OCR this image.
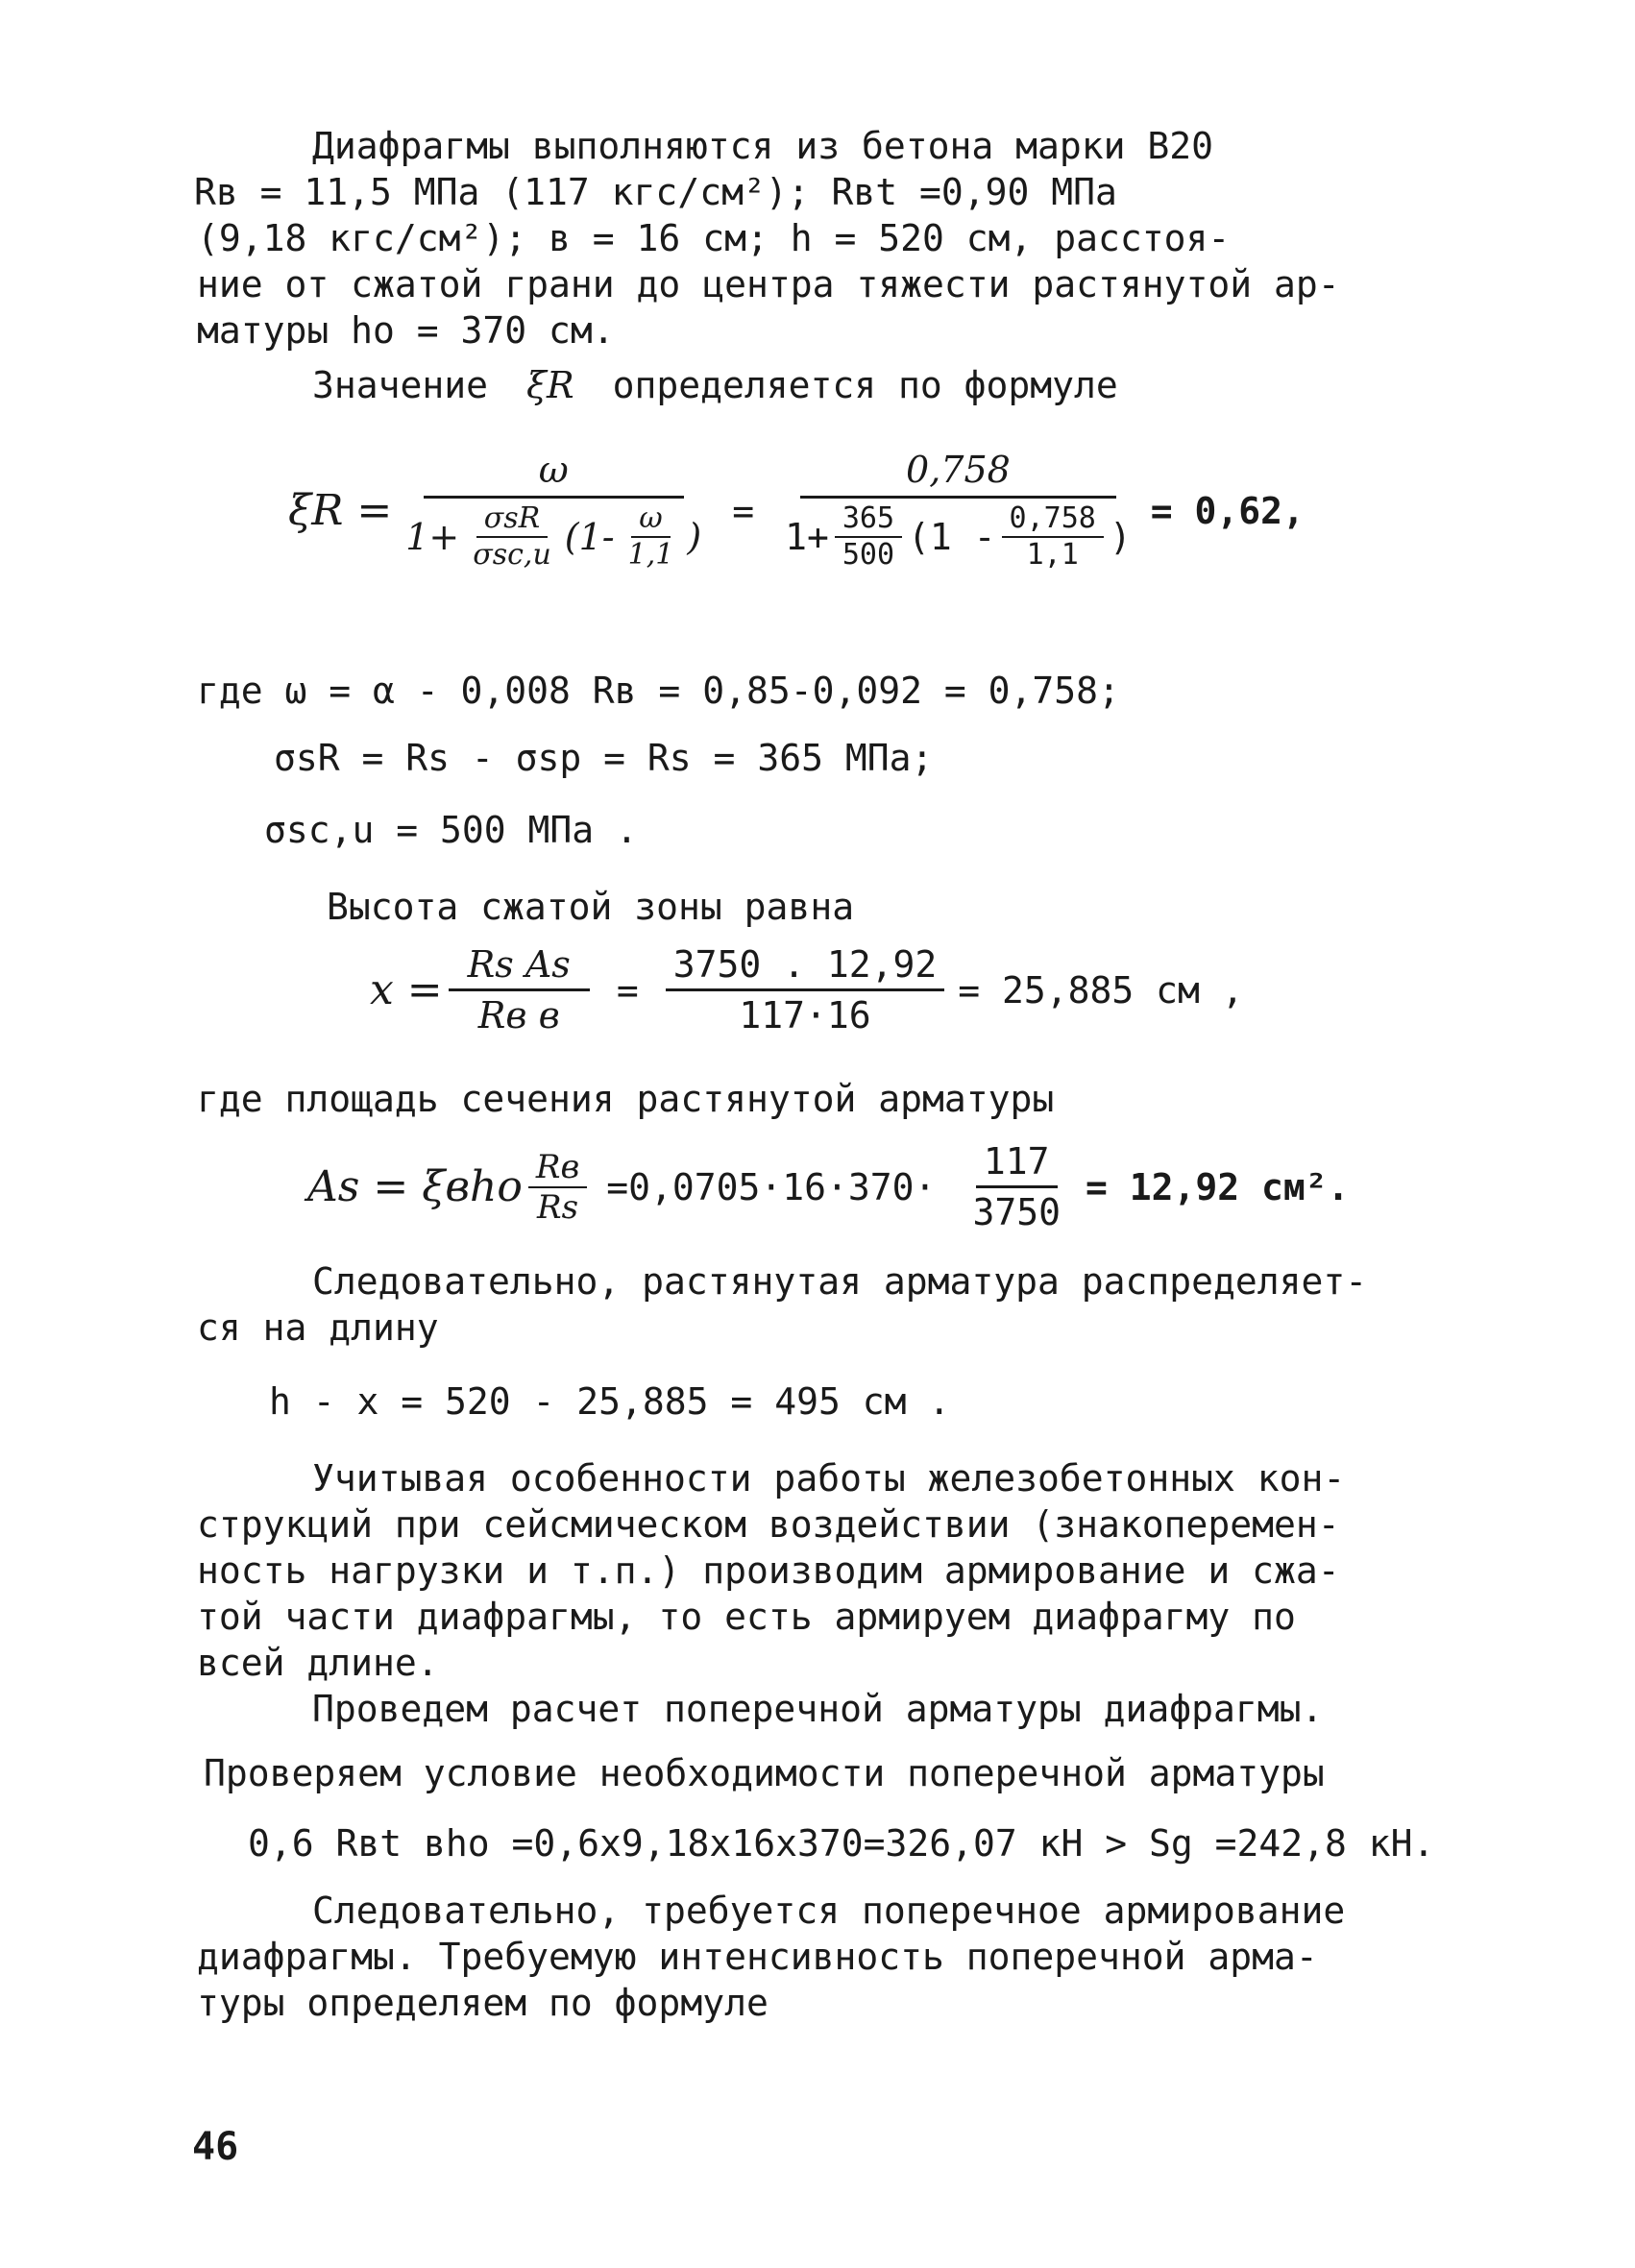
Диафрагмы выполняются из бетона марки В20
Rв = 11,5 МПа (117 кгс/см²); Rвt =0,90 МПа
(9,18 кгс/см²); в = 16 см; h = 520 см, расстоя-
ние от сжатой грани до центра тяжести растянутой ар-
матуры hо = 370 см.
Значение ξR определяется по формуле
ξR =
ω
$1+ \frac{\text{σsR}}{\text{σsc,u}} (1- \frac{\omega}{1,1}$ )
=
0,758
$1+ \frac{365}{500} (1 - \frac{0,758}{1,1}$ )
= 0,62,
где ω = α - 0,008 Rв = 0,85-0,092 = 0,758;
σsR = Rs - σsp = Rs = 365 МПа;
σsc,u = 500 МПа .
Высота сжатой зоны равна
$x = \frac{\text{Rs As}}{\text{Rв в}} = \frac{3750 . 12,92}{117\cdot 16} = 25,885$ см ,
где площадь сечения растянутой арматуры
As = ξвhо $\frac{Rв}{Rs} =0,0705\cdot 16\cdot 370\cdot \frac{117}{3750} = 12,92$ см².
Следовательно, растянутая арматура распределяет-
ся на длину
h - x = 520 - 25,885 = 495 см .
Учитывая особенности работы железобетонных кон-
струкций при сейсмическом воздействии (знакоперемен-
ность нагрузки и т.п.) производим армирование и сжа-
той части диафрагмы, то есть армируем диафрагму по
всей длине.
Проведем расчет поперечной арматуры диафрагмы.
Проверяем условие необходимости поперечной арматуры
0,6 Rвt вhо =0,6x9,18x16x370=326,07 кН > Sg =242,8 кН.
Следовательно, требуется поперечное армирование
диафрагмы. Требуемую интенсивность поперечной арма-
туры определяем по формуле
46
